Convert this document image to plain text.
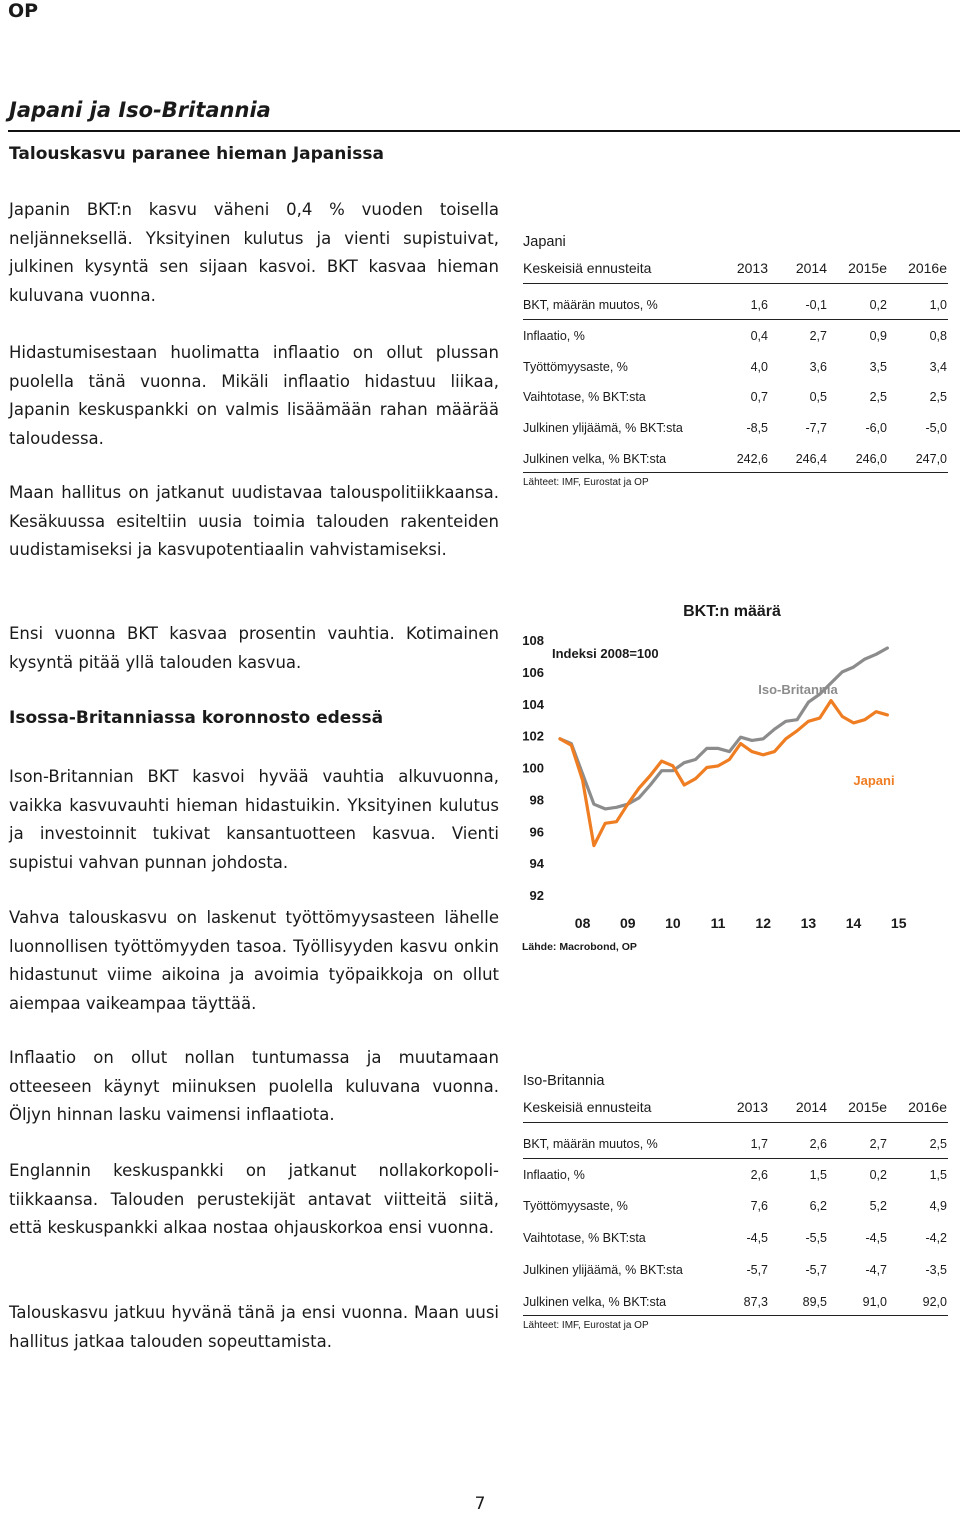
OP
Japani ja Iso-Britannia
Talouskasvu paranee hieman Japanissa
Japanin BKT:n kasvu väheni 0,4 % vuoden toisella neljänneksellä. Yksityinen kulutus ja vienti supistuivat, julkinen kysyntä sen sijaan kasvoi. BKT kasvaa hieman kuluvana vuonna.
Hidastumisestaan huolimatta inflaatio on ollut plussan puolella tänä vuonna. Mikäli inflaatio hidastuu liikaa, Japanin keskuspankki on valmis lisäämään rahan määrää taloudessa.
Maan hallitus on jatkanut uudistavaa talouspolitiikkaansa. Kesäkuussa esiteltiin uusia toimia talouden rakenteiden uudistamiseksi ja kasvupotentiaalin vahvistamiseksi.
Ensi vuonna BKT kasvaa prosentin vauhtia. Kotimainen kysyntä pitää yllä talouden kasvua.
Isossa-Britanniassa koronnosto edessä
Ison-Britannian BKT kasvoi hyvää vauhtia alkuvuonna, vaikka kasvuvauhti hieman hidastuikin. Yksityinen kulutus ja investoinnit tukivat kansantuotteen kasvua. Vienti supistui vahvan punnan johdosta.
Vahva talouskasvu on laskenut työttömyysasteen lähelle luonnollisen työttömyyden tasoa. Työllisyyden kasvu onkin hidastunut viime aikoina ja avoimia työpaikkoja on ollut aiempaa vaikeampaa täyttää.
Inflaatio on ollut nollan tuntumassa ja muutamaan otteeseen käynyt miinuksen puolella kuluvana vuonna. Öljyn hinnan lasku vaimensi inflaatiota.
Englannin keskuspankki on jatkanut nollakorkopolitiikkaansa. Talouden perustekijät antavat viitteitä siitä, että keskuspankki alkaa nostaa ohjauskorkoa ensi vuonna.
Talouskasvu jatkuu hyvänä tänä ja ensi vuonna. Maan uusi hallitus jatkaa talouden sopeuttamista.
Japani
Keskeisiä ennusteita	2013	2014	2015e	2016e
BKT, määrän muutos, %	1,6	-0,1	0,2	1,0
Inflaatio, %	0,4	2,7	0,9	0,8
Työttömyysaste, %	4,0	3,6	3,5	3,4
Vaihtotase, % BKT:sta	0,7	0,5	2,5	2,5
Julkinen ylijäämä, % BKT:sta	-8,5	-7,7	-6,0	-5,0
Julkinen velka, % BKT:sta	242,6	246,4	246,0	247,0
Lähteet: IMF, Eurostat ja OP
BKT:n määrä
Indeksi 2008=100
Lähde: Macrobond, OP
92
94
96
98
100
102
104
106
108
08 09 10 11 12 13 14 15
Iso-Britannia
Japani
Iso-Britannia
Keskeisiä ennusteita	2013	2014	2015e	2016e
BKT, määrän muutos, %	1,7	2,6	2,7	2,5
Inflaatio, %	2,6	1,5	0,2	1,5
Työttömyysaste, %	7,6	6,2	5,2	4,9
Vaihtotase, % BKT:sta	-4,5	-5,5	-4,5	-4,2
Julkinen ylijäämä, % BKT:sta	-5,7	-5,7	-4,7	-3,5
Julkinen velka, % BKT:sta	87,3	89,5	91,0	92,0
Lähteet: IMF, Eurostat ja OP
7
